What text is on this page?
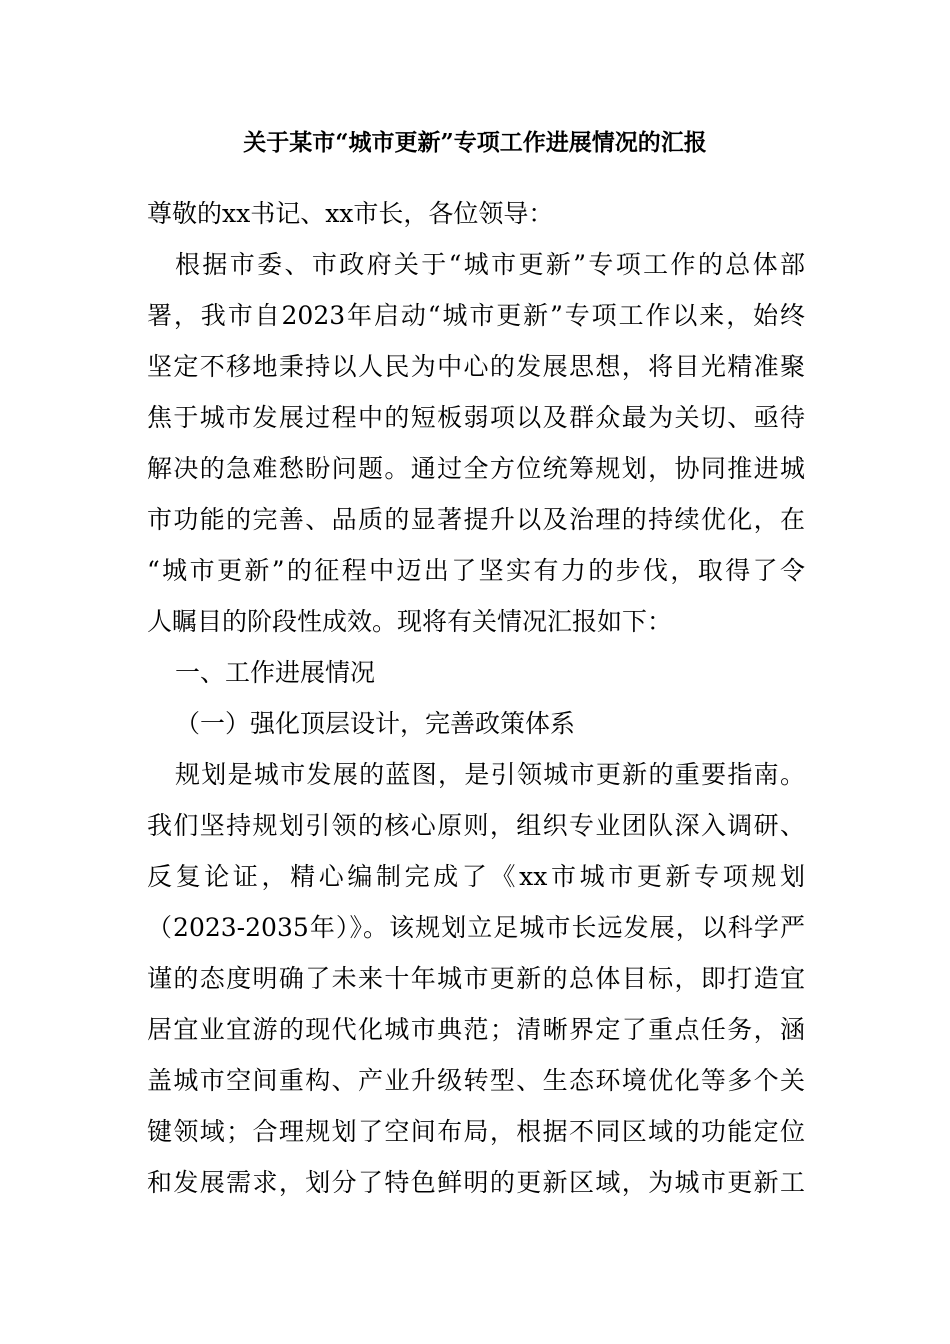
关于某市“城市更新”专项工作进展情况的汇报
尊敬的xx书记、xx市长，各位领导：
根据市委、市政府关于“城市更新”专项工作的总体部
署，我市自2023年启动“城市更新”专项工作以来，始终
坚定不移地秉持以人民为中心的发展思想，将目光精准聚
焦于城市发展过程中的短板弱项以及群众最为关切、亟待
解决的急难愁盼问题。通过全方位统筹规划，协同推进城
市功能的完善、品质的显著提升以及治理的持续优化，在
“城市更新”的征程中迈出了坚实有力的步伐，取得了令
人瞩目的阶段性成效。现将有关情况汇报如下：
一、工作进展情况
（一）强化顶层设计，完善政策体系
规划是城市发展的蓝图，是引领城市更新的重要指南。
我们坚持规划引领的核心原则，组织专业团队深入调研、
反复论证，精心编制完成了《xx市城市更新专项规划
（2023-2035年）》。该规划立足城市长远发展，以科学严
谨的态度明确了未来十年城市更新的总体目标，即打造宜
居宜业宜游的现代化城市典范；清晰界定了重点任务，涵
盖城市空间重构、产业升级转型、生态环境优化等多个关
键领域；合理规划了空间布局，根据不同区域的功能定位
和发展需求，划分了特色鲜明的更新区域，为城市更新工
